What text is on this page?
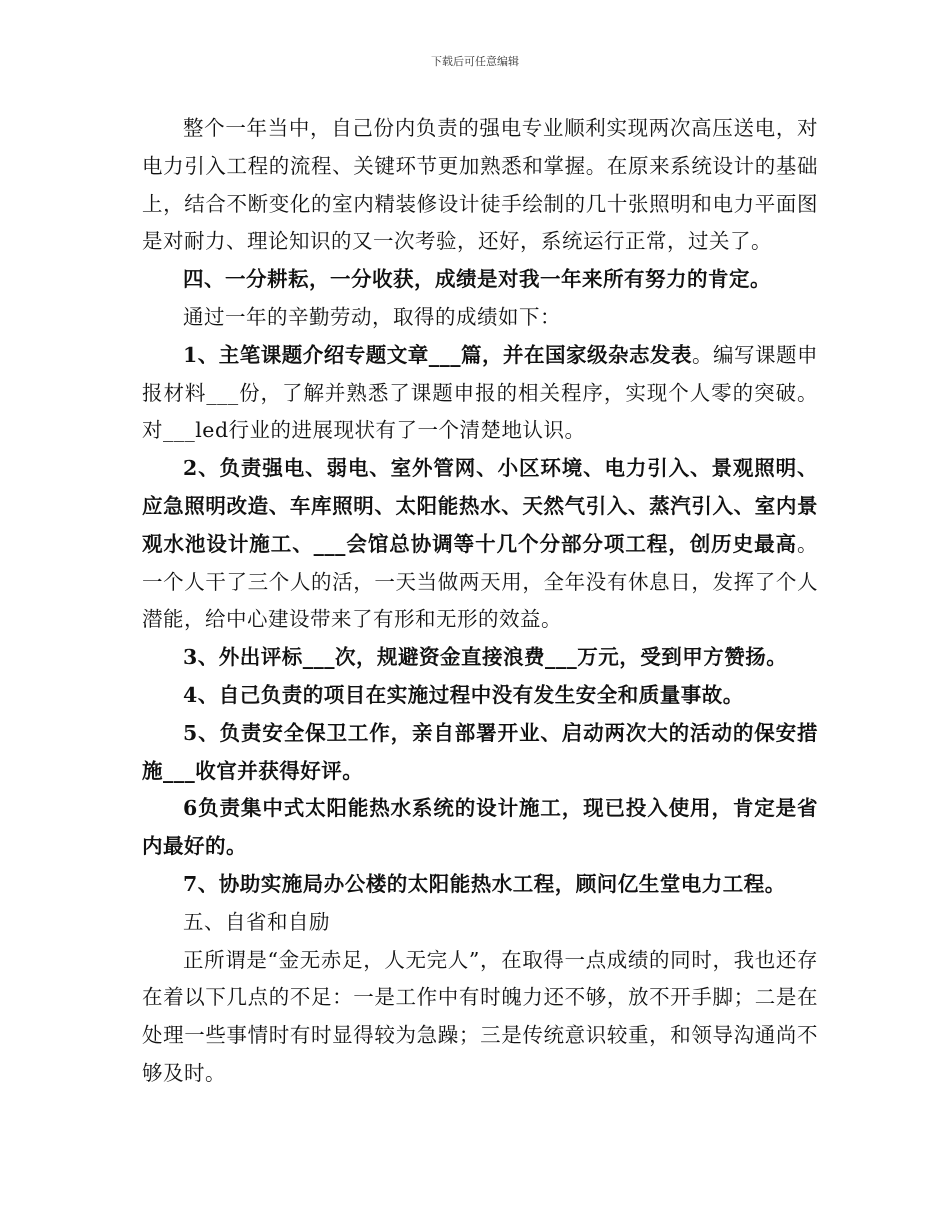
下载后可任意编辑

整个一年当中，自己份内负责的强电专业顺利实现两次高压送电，对电力引入工程的流程、关键环节更加熟悉和掌握。在原来系统设计的基础上，结合不断变化的室内精装修设计徒手绘制的几十张照明和电力平面图是对耐力、理论知识的又一次考验，还好，系统运行正常，过关了。

四、一分耕耘，一分收获，成绩是对我一年来所有努力的肯定。

通过一年的辛勤劳动，取得的成绩如下：

1、主笔课题介绍专题文章___篇，并在国家级杂志发表。编写课题申报材料___份，了解并熟悉了课题申报的相关程序，实现个人零的突破。对___led行业的进展现状有了一个清楚地认识。

2、负责强电、弱电、室外管网、小区环境、电力引入、景观照明、应急照明改造、车库照明、太阳能热水、天然气引入、蒸汽引入、室内景观水池设计施工、___会馆总协调等十几个分部分项工程，创历史最高。一个人干了三个人的活，一天当做两天用，全年没有休息日，发挥了个人潜能，给中心建设带来了有形和无形的效益。

3、外出评标___次，规避资金直接浪费___万元，受到甲方赞扬。

4、自己负责的项目在实施过程中没有发生安全和质量事故。

5、负责安全保卫工作，亲自部署开业、启动两次大的活动的保安措施___收官并获得好评。

6负责集中式太阳能热水系统的设计施工，现已投入使用，肯定是省内最好的。

7、协助实施局办公楼的太阳能热水工程，顾问亿生堂电力工程。

五、自省和自励

正所谓是“金无赤足，人无完人”，在取得一点成绩的同时，我也还存在着以下几点的不足：一是工作中有时魄力还不够，放不开手脚；二是在处理一些事情时有时显得较为急躁；三是传统意识较重，和领导沟通尚不够及时。
